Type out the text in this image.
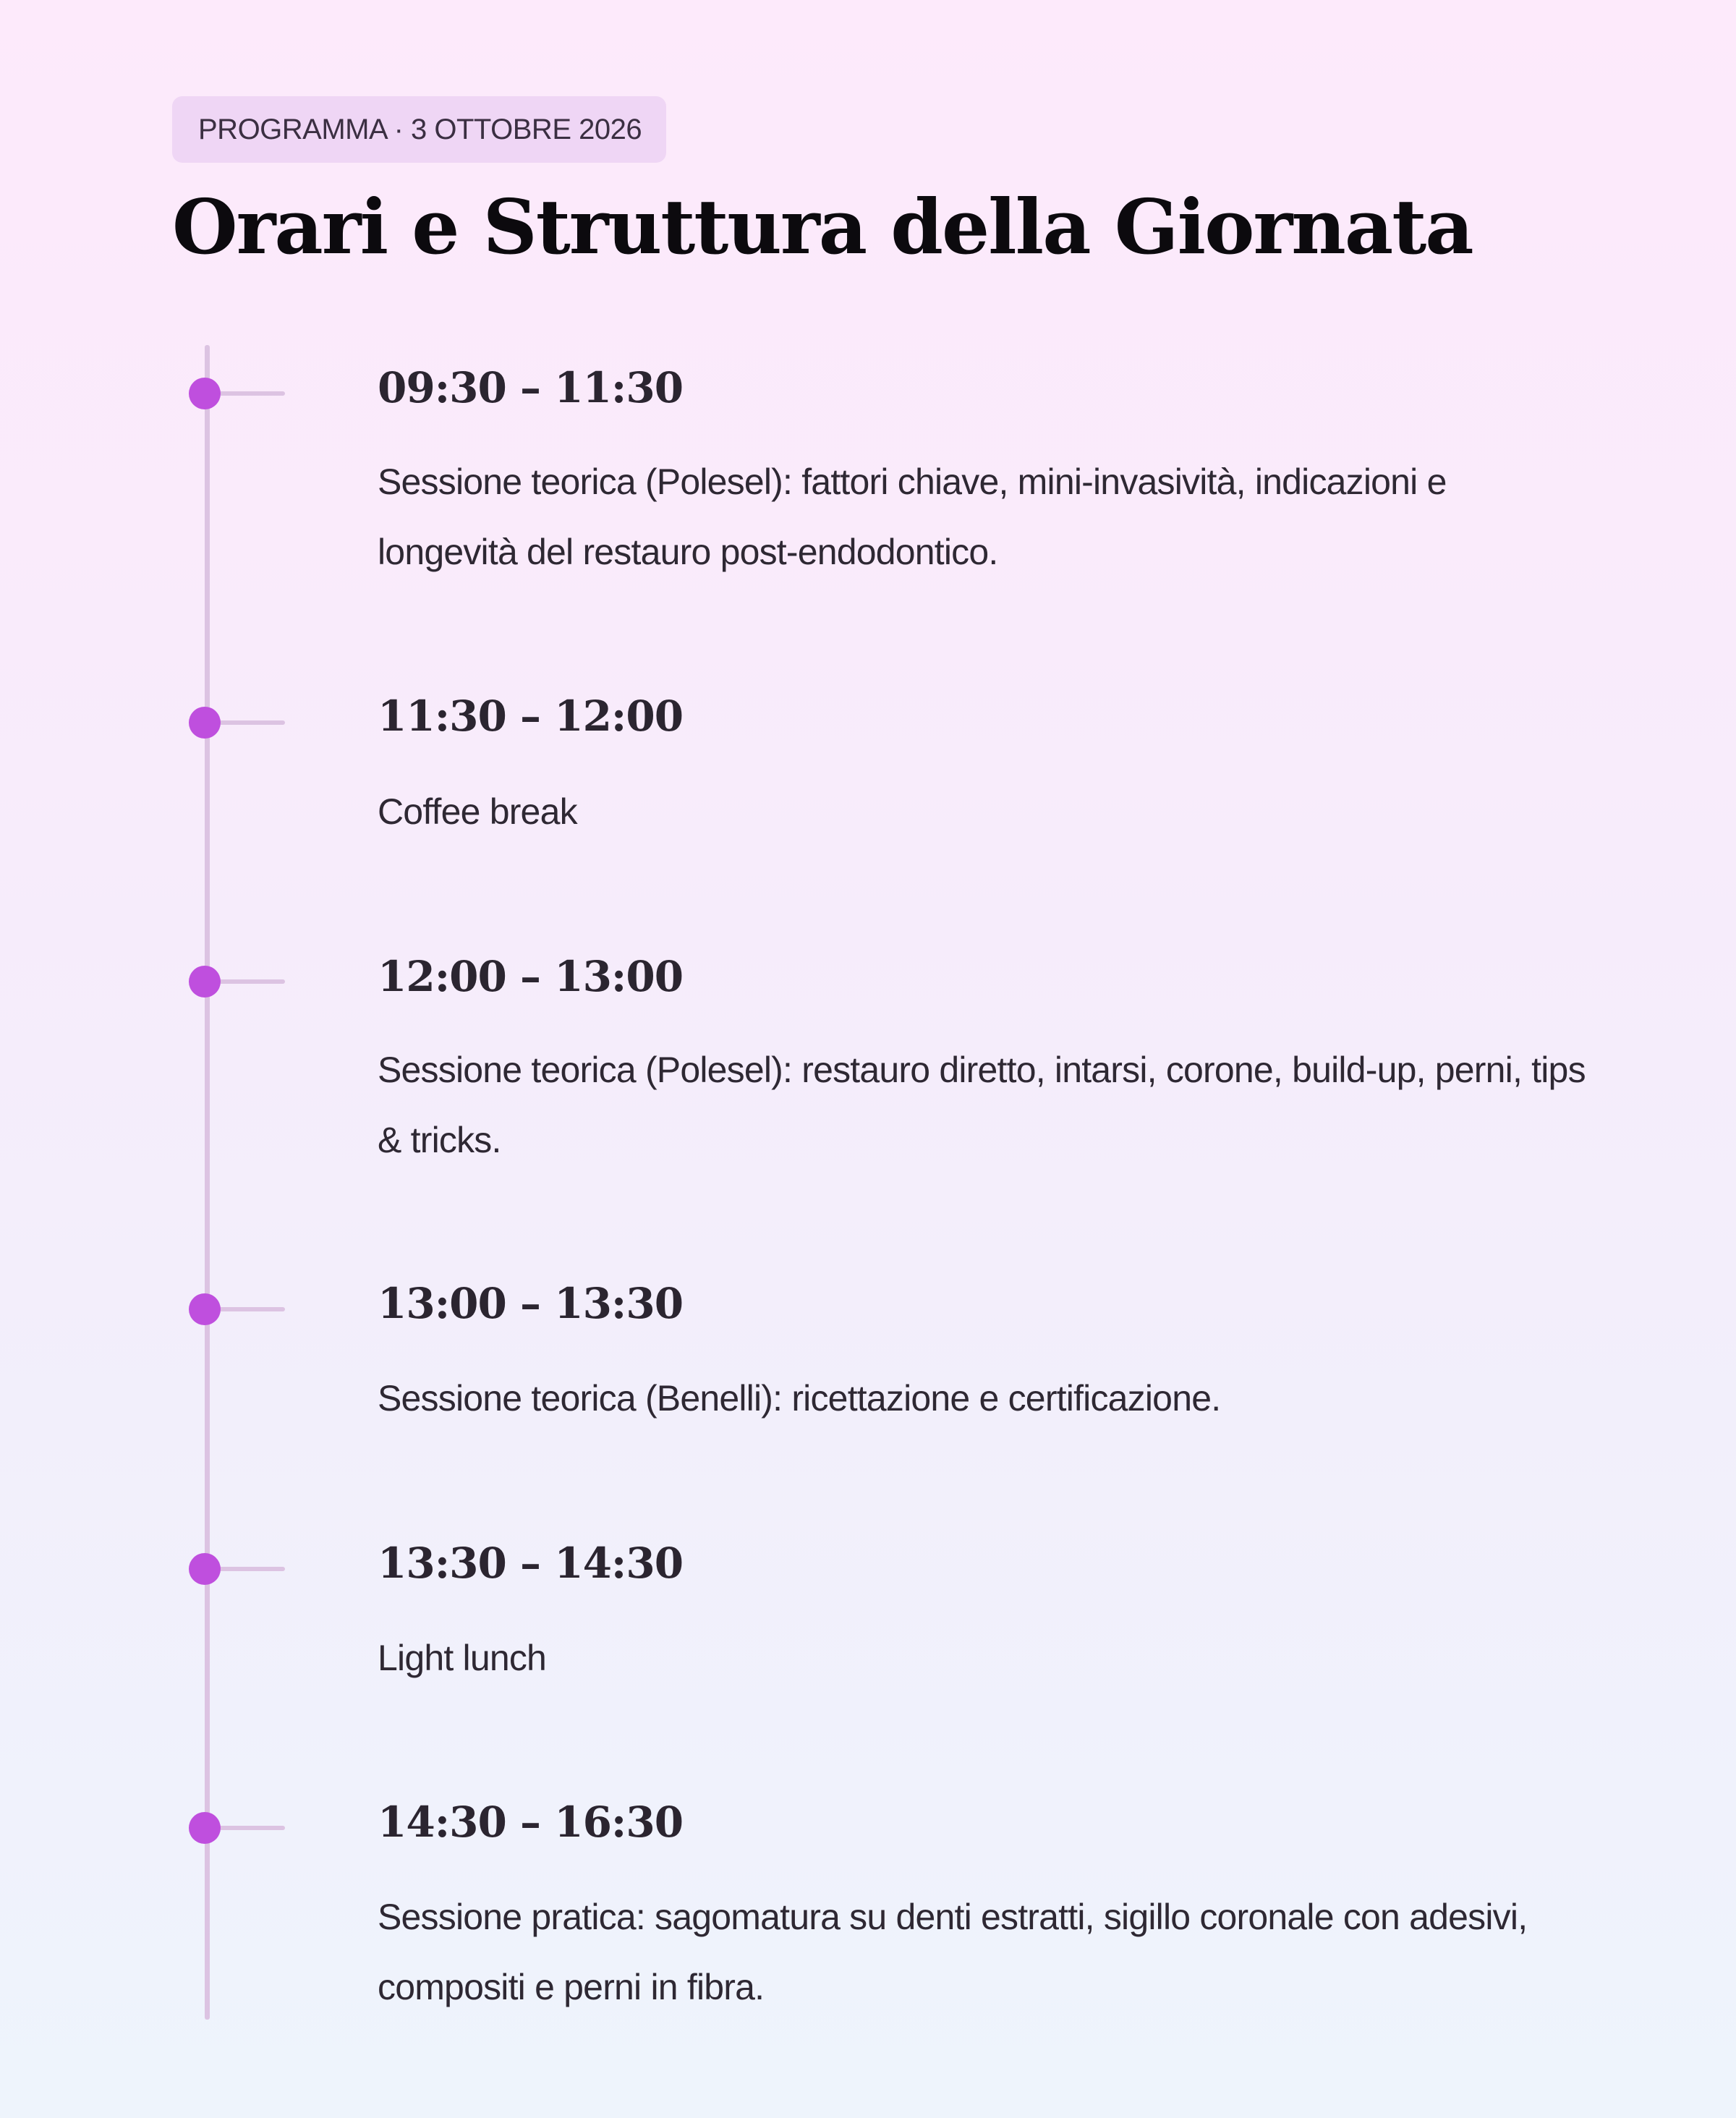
PROGRAMMA · 3 OTTOBRE 2026
Orari e Struttura della Giornata
09:30 – 11:30

Sessione teorica (Polesel): fattori chiave, mini-invasività, indicazioni e longevità del restauro post-endodontico.

11:30 – 12:00

Coffee break

12:00 – 13:00

Sessione teorica (Polesel): restauro diretto, intarsi, corone, build-up, perni, tips & tricks.

13:00 – 13:30

Sessione teorica (Benelli): ricettazione e certificazione.

13:30 – 14:30

Light lunch

14:30 – 16:30

Sessione pratica: sagomatura su denti estratti, sigillo coronale con adesivi, compositi e perni in fibra.
